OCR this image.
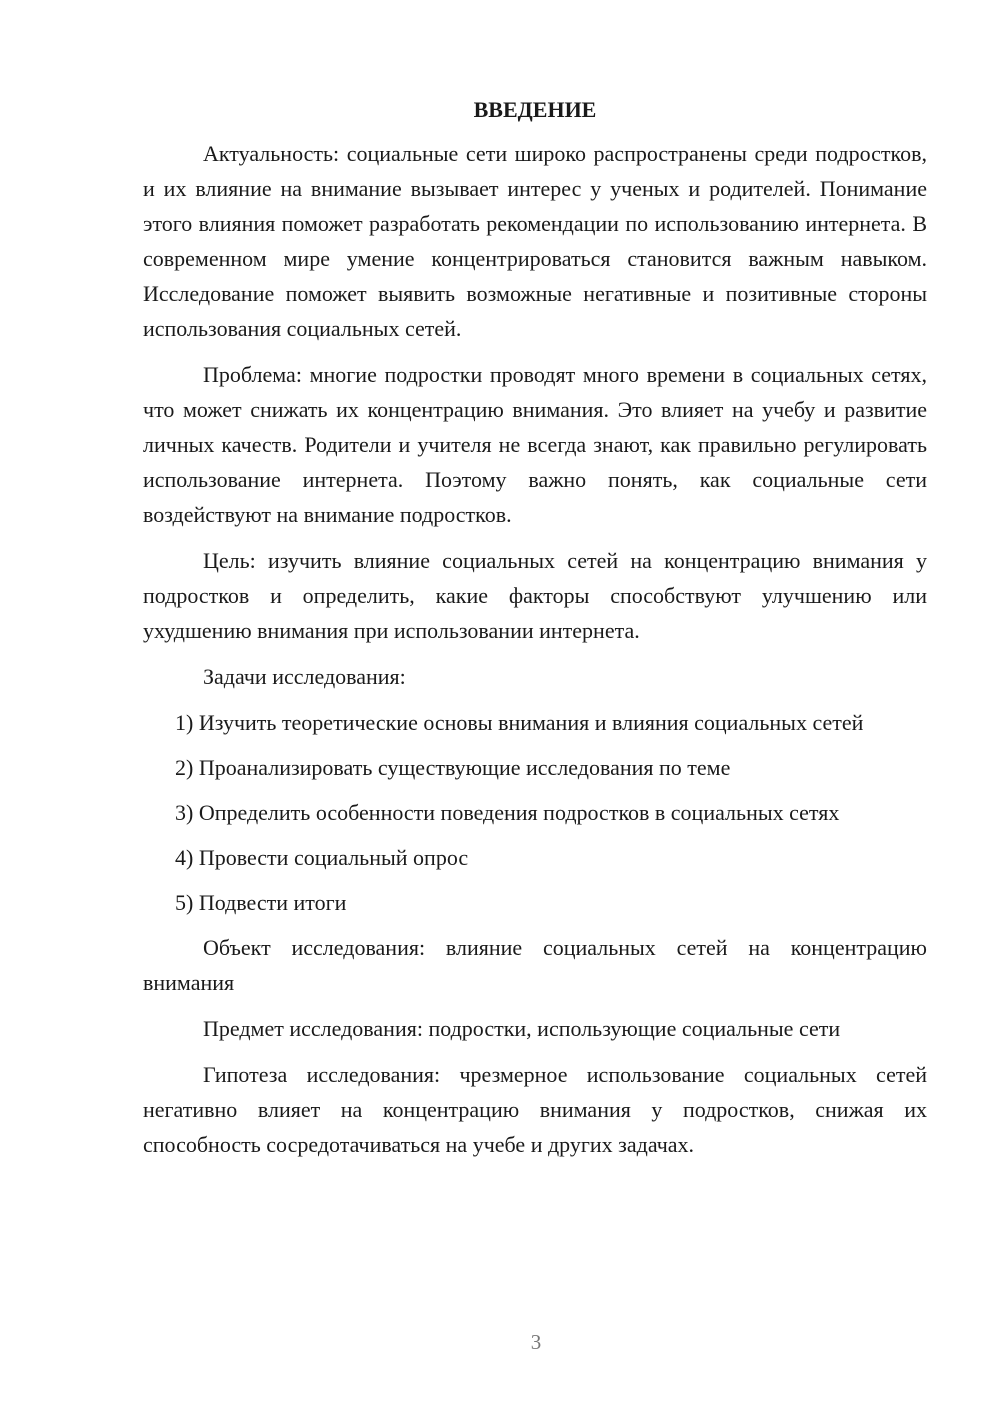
ВВЕДЕНИЕ

Актуальность: социальные сети широко распространены среди подростков, и их влияние на внимание вызывает интерес у ученых и родителей. Понимание этого влияния поможет разработать рекомендации по использованию интернета. В современном мире умение концентрироваться становится важным навыком. Исследование поможет выявить возможные негативные и позитивные стороны использования социальных сетей.

Проблема: многие подростки проводят много времени в социальных сетях, что может снижать их концентрацию внимания. Это влияет на учебу и развитие личных качеств. Родители и учителя не всегда знают, как правильно регулировать использование интернета. Поэтому важно понять, как социальные сети воздействуют на внимание подростков.

Цель: изучить влияние социальных сетей на концентрацию внимания у подростков и определить, какие факторы способствуют улучшению или ухудшению внимания при использовании интернета.

Задачи исследования:

1) Изучить теоретические основы внимания и влияния социальных сетей

2) Проанализировать существующие исследования по теме

3) Определить особенности поведения подростков в социальных сетях

4) Провести социальный опрос

5) Подвести итоги

Объект исследования: влияние социальных сетей на концентрацию внимания

Предмет исследования: подростки, использующие социальные сети

Гипотеза исследования: чрезмерное использование социальных сетей негативно влияет на концентрацию внимания у подростков, снижая их способность сосредотачиваться на учебе и других задачах.

3
